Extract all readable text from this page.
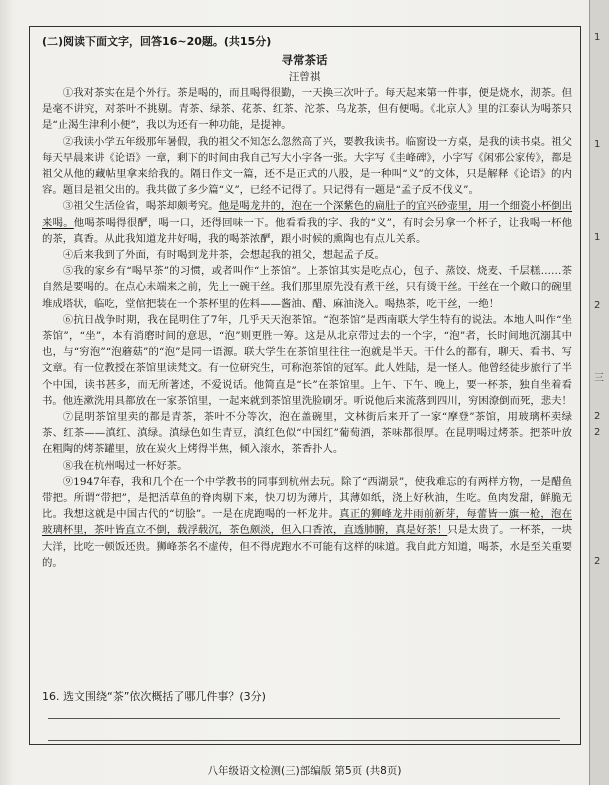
1
1
1
2
三
2
2
2
(二)阅读下面文字，回答16~20题。(共15分)
寻常茶话
汪曾祺

①我对茶实在是个外行。茶是喝的，而且喝得很勤，一天换三次叶子。每天起来第一件事，便是烧水，沏茶。但是毫不讲究，对茶叶不挑剔。青茶、绿茶、花茶、红茶、沱茶、乌龙茶，但有便喝。《北京人》里的江泰认为喝茶只是“止渴生津利小便”，我以为还有一种功能，是提神。

②我读小学五年级那年暑假，我的祖父不知怎么忽然高了兴，要教我读书。临窗设一方桌，是我的读书桌。祖父每天早晨来讲《论语》一章，剩下的时间由我自己写大小字各一张。大字写《圭峰碑》，小字写《闲邪公家传》，都是祖父从他的藏帖里拿来给我的。隔日作文一篇，还不是正式的八股，是一种叫“义”的文体，只是解释《论语》的内容。题目是祖父出的。我共做了多少篇“义”，已经不记得了。只记得有一题是“孟子反不伐义”。

③祖父生活俭省，喝茶却颇考究。他是喝龙井的，泡在一个深紫色的扁肚子的宜兴砂壶里，用一个细瓷小杯倒出来喝。他喝茶喝得很酽，喝一口，还得回味一下。他看看我的字、我的“义”，有时会另拿一个杯子，让我喝一杯他的茶，真香。从此我知道龙井好喝，我的喝茶浓酽，跟小时候的熏陶也有点儿关系。

④后来我到了外面，有时喝到龙井茶，会想起我的祖父，想起孟子反。

⑤我的家乡有“喝早茶”的习惯，或者叫作“上茶馆”。上茶馆其实是吃点心，包子、蒸饺、烧麦、千层糕……茶自然是要喝的。在点心未端来之前，先上一碗干丝。我们那里原先没有煮干丝，只有烫干丝。干丝在一个敞口的碗里堆成塔状，临吃，堂倌把装在一个茶杯里的佐料——酱油、醋、麻油浇入。喝热茶，吃干丝，一绝！

⑥抗日战争时期，我在昆明住了7年，几乎天天泡茶馆。“泡茶馆”是西南联大学生特有的说法。本地人叫作“坐茶馆”，“坐”，本有消磨时间的意思，“泡”则更胜一筹。这是从北京带过去的一个字，“泡”者，长时间地沉溺其中也，与“穷泡”“泡蘑菇”的“泡”是同一语源。联大学生在茶馆里往往一泡就是半天。干什么的都有，聊天、看书、写文章。有一位教授在茶馆里读梵文。有一位研究生，可称泡茶馆的冠军。此人姓陆，是一怪人。他曾经徒步旅行了半个中国，读书甚多，而无所著述，不爱说话。他简直是“长”在茶馆里。上午、下午、晚上，要一杯茶，独自坐着看书。他连漱洗用具都放在一家茶馆里，一起来就到茶馆里洗脸刷牙。听说他后来流落到四川，穷困潦倒而死，悲夫！

⑦昆明茶馆里卖的都是青茶，茶叶不分等次，泡在盖碗里，文林街后来开了一家“摩登”茶馆，用玻璃杯卖绿茶、红茶——滇红、滇绿。滇绿色如生青豆，滇红色似“中国红”葡萄酒，茶味都很厚。在昆明喝过烤茶。把茶叶放在粗陶的烤茶罐里，放在炭火上烤得半焦，倾入滚水，茶香扑人。

⑧我在杭州喝过一杯好茶。

⑨1947年春，我和几个在一个中学教书的同事到杭州去玩。除了“西湖景”，使我难忘的有两样方物，一是醋鱼带把。所谓“带把”，是把活草鱼的脊肉剔下来，快刀切为薄片，其薄如纸，浇上好秋油，生吃。鱼肉发甜，鲜脆无比。我想这就是中国古代的“切脍”。一是在虎跑喝的一杯龙井。真正的狮峰龙井雨前新芽，每蕾皆一旗一枪，泡在玻璃杯里，茶叶皆直立不倒，载浮载沉，茶色颇淡，但入口香浓，直透肺腑，真是好茶！只是太贵了。一杯茶，一块大洋，比吃一顿饭还贵。狮峰茶名不虚传，但不得虎跑水不可能有这样的味道。我自此方知道，喝茶，水是至关重要的。

16. 选文围绕“茶”依次概括了哪几件事？(3分)
八年级语文检测(三)部编版 第5页 (共8页)
